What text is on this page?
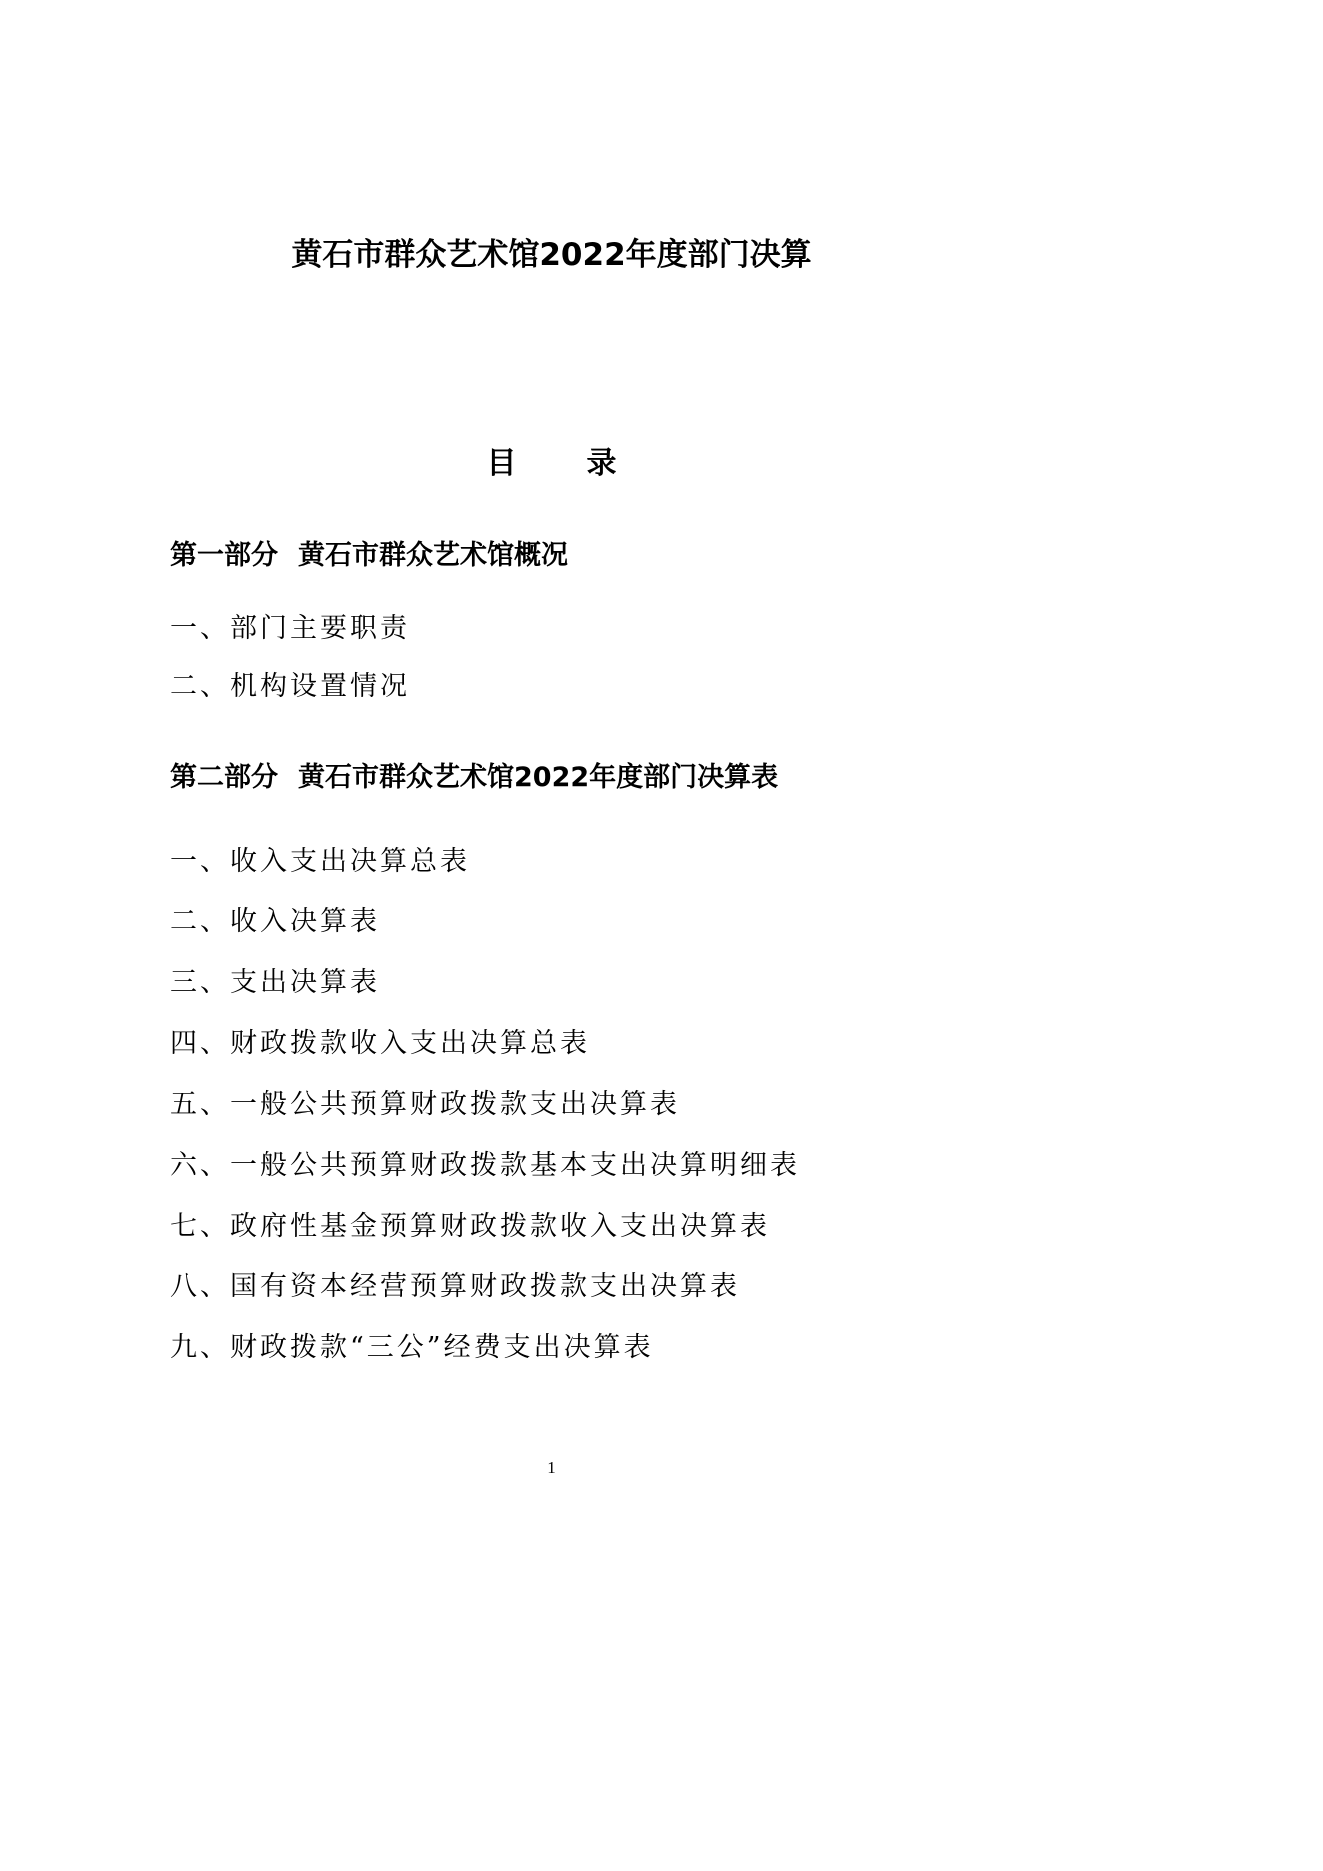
黄石市群众艺术馆2022年度部门决算
目 录

第一部分 黄石市群众艺术馆概况

一、部门主要职责

二、机构设置情况

第二部分 黄石市群众艺术馆2022年度部门决算表

一、收入支出决算总表

二、收入决算表

三、支出决算表

四、财政拨款收入支出决算总表

五、一般公共预算财政拨款支出决算表

六、一般公共预算财政拨款基本支出决算明细表

七、政府性基金预算财政拨款收入支出决算表

八、国有资本经营预算财政拨款支出决算表

九、财政拨款“三公”经费支出决算表

1
